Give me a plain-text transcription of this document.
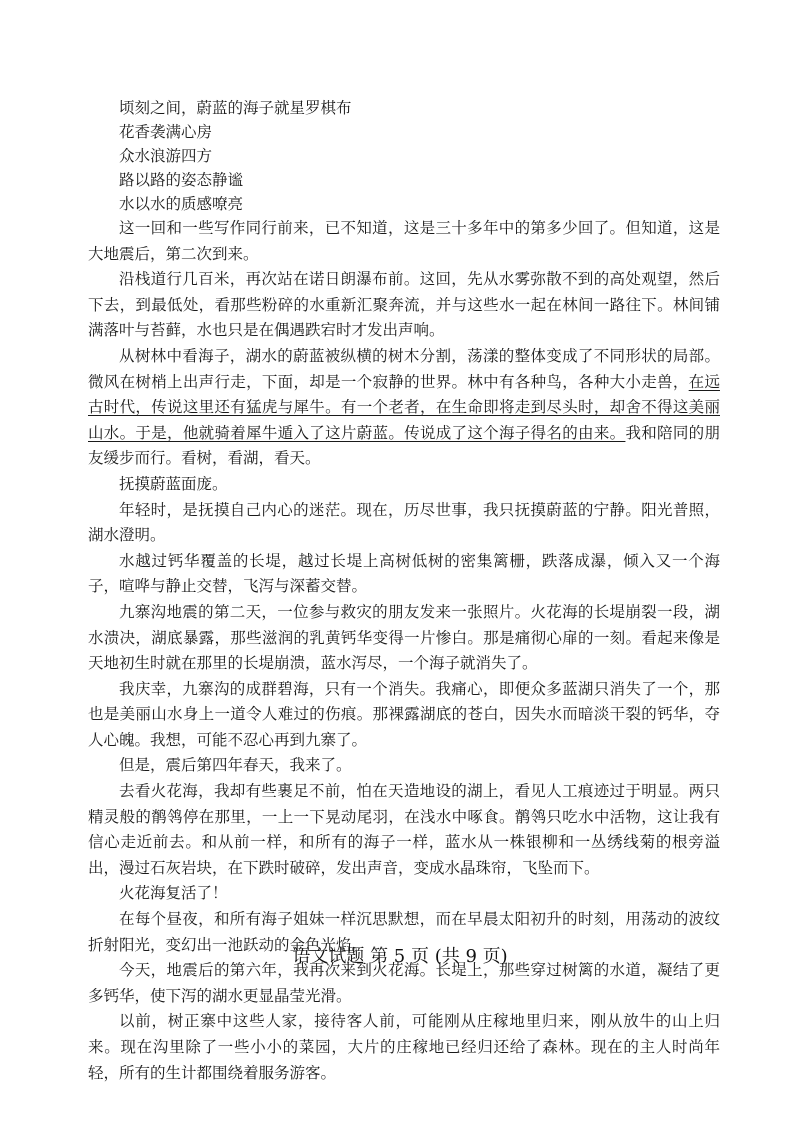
顷刻之间，蔚蓝的海子就星罗棋布
花香袭满心房
众水浪游四方
路以路的姿态静谧
水以水的质感嘹亮

这一回和一些写作同行前来，已不知道，这是三十多年中的第多少回了。但知道，这是大地震后，第二次到来。

沿栈道行几百米，再次站在诺日朗瀑布前。这回，先从水雾弥散不到的高处观望，然后下去，到最低处，看那些粉碎的水重新汇聚奔流，并与这些水一起在林间一路往下。林间铺满落叶与苔藓，水也只是在偶遇跌宕时才发出声响。

从树林中看海子，湖水的蔚蓝被纵横的树木分割，荡漾的整体变成了不同形状的局部。微风在树梢上出声行走，下面，却是一个寂静的世界。林中有各种鸟，各种大小走兽，在远古时代，传说这里还有猛虎与犀牛。有一个老者，在生命即将走到尽头时，却舍不得这美丽山水。于是，他就骑着犀牛遁入了这片蔚蓝。传说成了这个海子得名的由来。我和陪同的朋友缓步而行。看树，看湖，看天。

抚摸蔚蓝面庞。

年轻时，是抚摸自己内心的迷茫。现在，历尽世事，我只抚摸蔚蓝的宁静。阳光普照，湖水澄明。

水越过钙华覆盖的长堤，越过长堤上高树低树的密集篱栅，跌落成瀑，倾入又一个海子，喧哗与静止交替，飞泻与深蓄交替。

九寨沟地震的第二天，一位参与救灾的朋友发来一张照片。火花海的长堤崩裂一段，湖水溃决，湖底暴露，那些滋润的乳黄钙华变得一片惨白。那是痛彻心扉的一刻。看起来像是天地初生时就在那里的长堤崩溃，蓝水泻尽，一个海子就消失了。

我庆幸，九寨沟的成群碧海，只有一个消失。我痛心，即便众多蓝湖只消失了一个，那也是美丽山水身上一道令人难过的伤痕。那裸露湖底的苍白，因失水而暗淡干裂的钙华，夺人心魄。我想，可能不忍心再到九寨了。

但是，震后第四年春天，我来了。

去看火花海，我却有些裹足不前，怕在天造地设的湖上，看见人工痕迹过于明显。两只精灵般的鹡鸰停在那里，一上一下晃动尾羽，在浅水中啄食。鹡鸰只吃水中活物，这让我有信心走近前去。和从前一样，和所有的海子一样，蓝水从一株银柳和一丛绣线菊的根旁溢出，漫过石灰岩块，在下跌时破碎，发出声音，变成水晶珠帘，飞坠而下。

火花海复活了！

在每个昼夜，和所有海子姐妹一样沉思默想，而在早晨太阳初升的时刻，用荡动的波纹折射阳光，变幻出一池跃动的金色光焰。

今天，地震后的第六年，我再次来到火花海。长堤上，那些穿过树篱的水道，凝结了更多钙华，使下泻的湖水更显晶莹光滑。

以前，树正寨中这些人家，接待客人前，可能刚从庄稼地里归来，刚从放牛的山上归来。现在沟里除了一些小小的菜园，大片的庄稼地已经归还给了森林。现在的主人时尚年轻，所有的生计都围绕着服务游客。

语文试题 第 5 页 (共 9 页)
